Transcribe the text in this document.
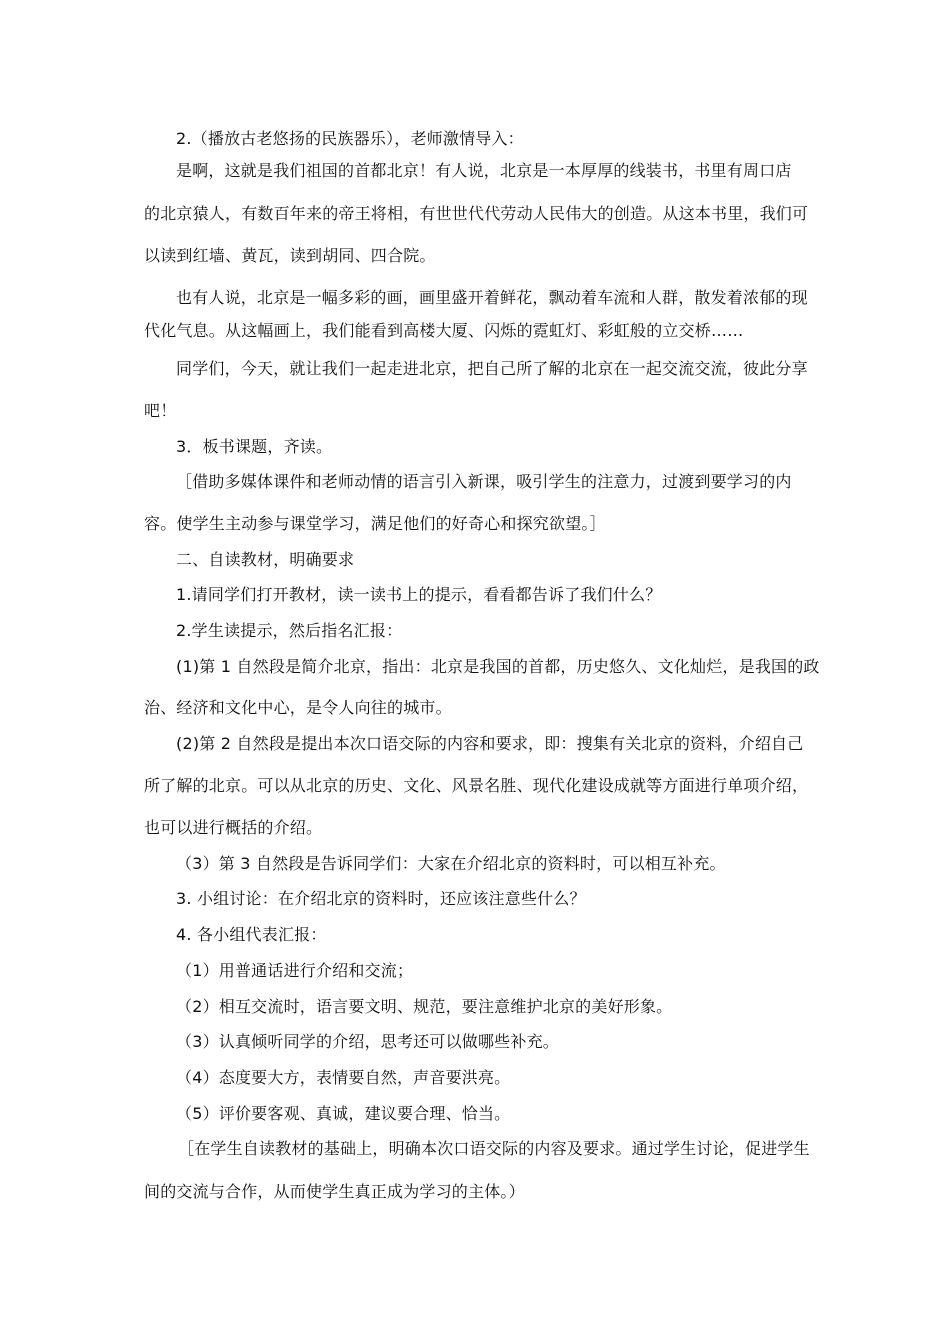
2.（播放古老悠扬的民族器乐），老师激情导入：
是啊，这就是我们祖国的首都北京！有人说，北京是一本厚厚的线装书，书里有周口店
的北京猿人，有数百年来的帝王将相，有世世代代劳动人民伟大的创造。从这本书里，我们可
以读到红墙、黄瓦，读到胡同、四合院。
也有人说，北京是一幅多彩的画，画里盛开着鲜花，飘动着车流和人群，散发着浓郁的现
代化气息。从这幅画上，我们能看到高楼大厦、闪烁的霓虹灯、彩虹般的立交桥……
同学们，今天，就让我们一起走进北京，把自己所了解的北京在一起交流交流，彼此分享
吧！
3．板书课题，齐读。
［借助多媒体课件和老师动情的语言引入新课，吸引学生的注意力，过渡到要学习的内
容。使学生主动参与课堂学习，满足他们的好奇心和探究欲望。］
二、自读教材，明确要求
1.请同学们打开教材，读一读书上的提示，看看都告诉了我们什么？
2.学生读提示，然后指名汇报：
(1)第 1 自然段是简介北京，指出：北京是我国的首都，历史悠久、文化灿烂，是我国的政
治、经济和文化中心，是令人向往的城市。
(2)第 2 自然段是提出本次口语交际的内容和要求，即：搜集有关北京的资料，介绍自己
所了解的北京。可以从北京的历史、文化、风景名胜、现代化建设成就等方面进行单项介绍，
也可以进行概括的介绍。
（3）第 3 自然段是告诉同学们：大家在介绍北京的资料时，可以相互补充。
3. 小组讨论：在介绍北京的资料时，还应该注意些什么？
4. 各小组代表汇报：
（1）用普通话进行介绍和交流；
（2）相互交流时，语言要文明、规范，要注意维护北京的美好形象。
（3）认真倾听同学的介绍，思考还可以做哪些补充。
（4）态度要大方，表情要自然，声音要洪亮。
（5）评价要客观、真诚，建议要合理、恰当。
［在学生自读教材的基础上，明确本次口语交际的内容及要求。通过学生讨论，促进学生
间的交流与合作，从而使学生真正成为学习的主体。）
